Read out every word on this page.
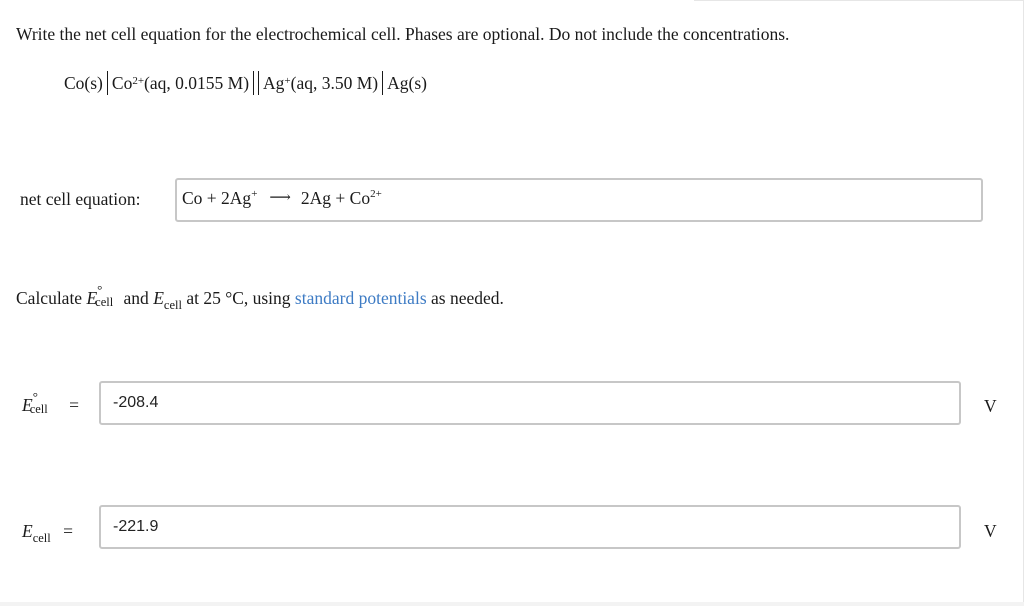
Write the net cell equation for the electrochemical cell. Phases are optional. Do not include the concentrations.
Co(s) $Co^{2+}$ (aq, 0.0155 M) Ag+ (aq, 3.50 M) Ag(s)
net cell equation: Co + 2Ag+ ⟶ $2Ag + Co^{2+}$
Calculate E °
cell and $E_{cell}$ at 25 °C, using standard potentials as needed.
E °
cell = -208.4	V
$E_{cell}$ =	-221.9	V
